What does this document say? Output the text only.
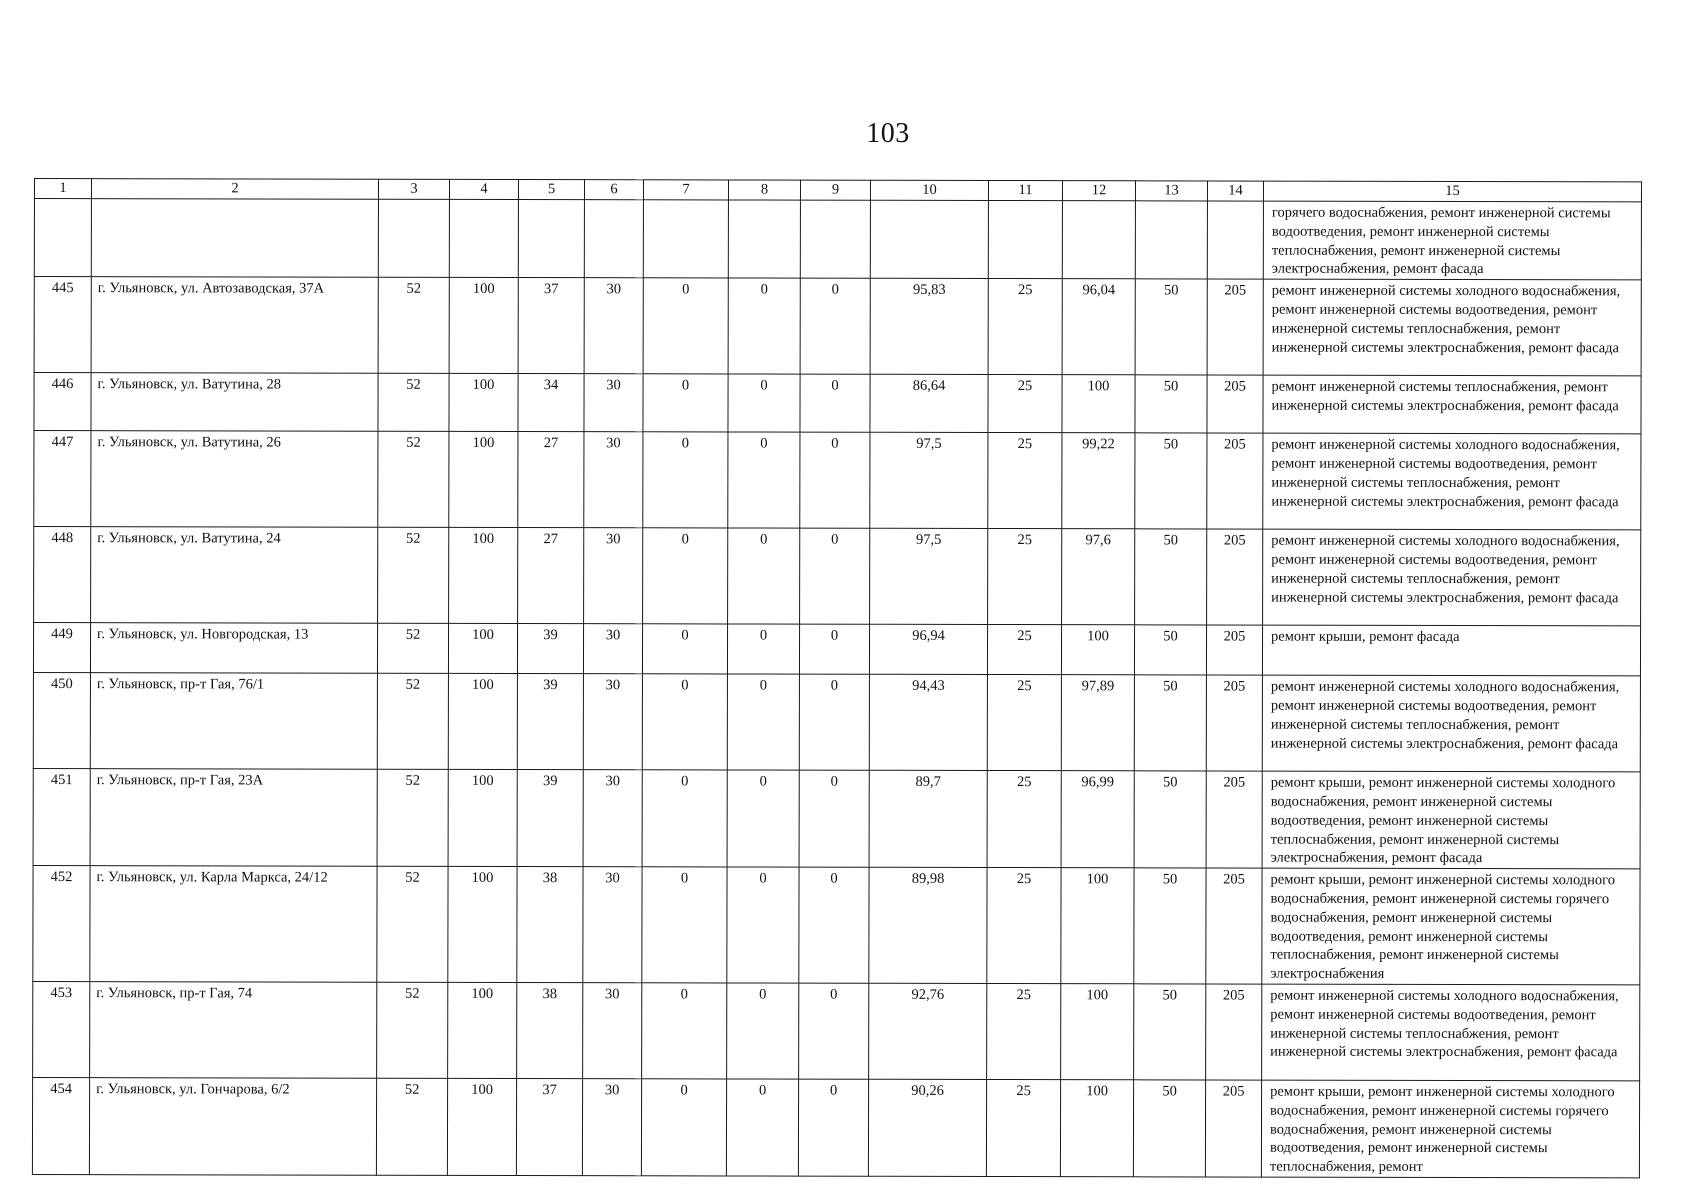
103
1	2	3	4	5	6	7	8	9	10	11	12	13	14	15
														горячего водоснабжения, ремонт инженерной системы водоотведения, ремонт инженерной системы теплоснабжения, ремонт инженерной системы электроснабжения, ремонт фасада
445	г. Ульяновск, ул. Автозаводская, 37А	52	100	37	30	0	0	0	95,83	25	96,04	50	205	ремонт инженерной системы холодного водоснабжения, ремонт инженерной системы водоотведения, ремонт инженерной системы теплоснабжения, ремонт инженерной системы электроснабжения, ремонт фасада
446	г. Ульяновск, ул. Ватутина, 28	52	100	34	30	0	0	0	86,64	25	100	50	205	ремонт инженерной системы теплоснабжения, ремонт инженерной системы электроснабжения, ремонт фасада
447	г. Ульяновск, ул. Ватутина, 26	52	100	27	30	0	0	0	97,5	25	99,22	50	205	ремонт инженерной системы холодного водоснабжения, ремонт инженерной системы водоотведения, ремонт инженерной системы теплоснабжения, ремонт инженерной системы электроснабжения, ремонт фасада
448	г. Ульяновск, ул. Ватутина, 24	52	100	27	30	0	0	0	97,5	25	97,6	50	205	ремонт инженерной системы холодного водоснабжения, ремонт инженерной системы водоотведения, ремонт инженерной системы теплоснабжения, ремонт инженерной системы электроснабжения, ремонт фасада
449	г. Ульяновск, ул. Новгородская, 13	52	100	39	30	0	0	0	96,94	25	100	50	205	ремонт крыши, ремонт фасада
450	г. Ульяновск, пр-т Гая, 76/1	52	100	39	30	0	0	0	94,43	25	97,89	50	205	ремонт инженерной системы холодного водоснабжения, ремонт инженерной системы водоотведения, ремонт инженерной системы теплоснабжения, ремонт инженерной системы электроснабжения, ремонт фасада
451	г. Ульяновск, пр-т Гая, 23А	52	100	39	30	0	0	0	89,7	25	96,99	50	205	ремонт крыши, ремонт инженерной системы холодного водоснабжения, ремонт инженерной системы водоотведения, ремонт инженерной системы теплоснабжения, ремонт инженерной системы электроснабжения, ремонт фасада
452	г. Ульяновск, ул. Карла Маркса, 24/12	52	100	38	30	0	0	0	89,98	25	100	50	205	ремонт крыши, ремонт инженерной системы холодного водоснабжения, ремонт инженерной системы горячего водоснабжения, ремонт инженерной системы водоотведения, ремонт инженерной системы теплоснабжения, ремонт инженерной системы электроснабжения
453	г. Ульяновск, пр-т Гая, 74	52	100	38	30	0	0	0	92,76	25	100	50	205	ремонт инженерной системы холодного водоснабжения, ремонт инженерной системы водоотведения, ремонт инженерной системы теплоснабжения, ремонт инженерной системы электроснабжения, ремонт фасада
454	г. Ульяновск, ул. Гончарова, 6/2	52	100	37	30	0	0	0	90,26	25	100	50	205	ремонт крыши, ремонт инженерной системы холодного водоснабжения, ремонт инженерной системы горячего водоснабжения, ремонт инженерной системы водоотведения, ремонт инженерной системы теплоснабжения, ремонт
